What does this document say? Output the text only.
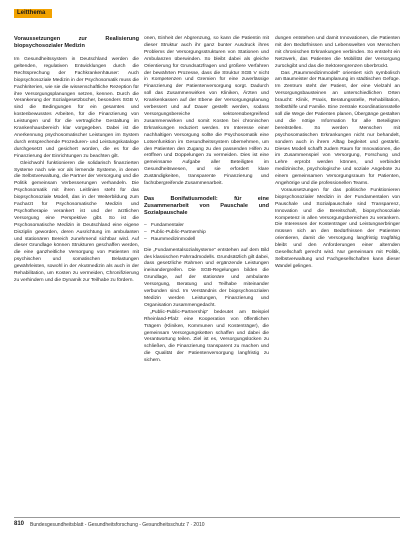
Leitthema
Voraussetzungen zur Realisierung biopsychosozialer Medizin

Im Gesundheitssystem in Deutschland werden die geltenden, regulativen Entwicklungen durch die Rechtsprechung der Fachkrankenhäuser: Auch biopsychosoziale Medizin in der Psychosomatik muss die Fachkriterien, wie sie die wissenschaftliche Rezeption für ihre Versorgungsplanungen setzen, kennen. Durch die Verankerung der Sozialgesetzbücher, besonders SGB V, sind die Bedingungen für ein gesamtes und kostenbewusstes Arbeiten, für die Finanzierung von Leistungen und für die vertragliche Gestaltung im Krankenhausbereich klar vorgegeben. Dabei ist die Anerkennung psychosomatischer Leistungen im System durch entsprechende Prozeduren- und Leistungskataloge durchgesetzt und gesichert worden, die es für die Finanzierung der Einrichtungen zu beachten gilt.

Gleichwohl funktionieren die solidarisch finanzierten Systeme nach wie vor als lernende Systeme, in denen die Selbstverwaltung, die Partner der Versorgung und die Politik gemeinsam Verbesserungen verhandeln. Die Psychosomatik mit ihren Leitlinien steht für das biopsychosoziale Modell, das in der Weiterbildung zum Facharzt für Psychosomatische Medizin und Psychotherapie verankert ist und der ärztlichen Versorgung eine Perspektive gibt. So ist die Psychosomatische Medizin in Deutschland eine eigene Disziplin geworden, deren Ausrichtung im ambulanten und stationären Bereich zunehmend sichtbar wird. Auf dieser Grundlage können Strukturen geschaffen werden, die eine ganzheitliche Versorgung von Patienten mit psychischen und somatischen Belastungen gewährleisten, sowohl in der Akutmedizin als auch in der Rehabilitation, um Kosten zu vermeiden, Chronifizierung zu verhindern und die Dynamik zur Teilhabe zu fördern.

onen, Einheit der Abgrenzung, so kann die Patientin mit dieser Struktur auch ihr ganz bunter Ausdruck ihres Problems der Versorgungsstrukturen von Stationen und Ambulanzen überwinden. So bleibt dabei als gleiche Orientierung für Grundsatzfragen und größere Verfahren der bewährten Prozesse, dass die Struktur SGB V nicht in Kompetenzen und Gremien für eine zuverlässige Finanzierung der Patientenversorgung sorgt. Dadurch soll das Zusammenwirken von Kliniken, Ärzten und Krankenkassen auf der Ebene der Versorgungsplanung verbessert und auf Dauer gestellt werden, sodass Versorgungsbereiche sektorenübergreifend zusammenwirken und somit Kosten bei chronischen Erkrankungen reduziert werden. Im Interesse einer nachhaltigen Versorgung sollte die Psychosomatik eine Lotsenfunktion im Gesundheitssystem übernehmen, um den Patienten den Zugang zu den passenden Hilfen zu eröffnen und Doppelungen zu vermeiden. Dies ist eine gemeinsame Aufgabe aller Beteiligten im Gesundheitswesen, und sie erfordert klare Zuständigkeiten, transparente Finanzierung und fachübergreifende Zusammenarbeit.

Das Bonifatiusmodell: für eine Zusammenarbeit von Pauschale und Sozialpauschale
– Fundamentaler
– Public-Public-Partnership
– Raummedizinmodell

Die „Fundamentalsozialsysteme“ entstehen auf dem Bild des klassischen Fahrradmodells. Grundsätzlich gilt dabei, dass gesetzliche Rahmen und ergänzende Leistungen ineinandergreifen. Die SGB-Regelungen bilden die Grundlage, auf der stationäre und ambulante Versorgung, Beratung und Teilhabe miteinander verbunden sind. Im Verständnis der biopsychosozialen Medizin werden Leistungen, Finanzierung und Organisation zusammengedacht.

„Public-Public-Partnership“ bedeutet am Beispiel Rheinland-Pfalz eine Kooperation von öffentlichen Trägern (Kliniken, Kommunen und Kostenträger), die gemeinsam Versorgungsketten schaffen und dabei die Verantwortung teilen. Ziel ist es, Versorgungslücken zu schließen, die Finanzierung transparent zu machen und die Qualität der Patientenversorgung langfristig zu sichern.

dungen entstehen und damit Innovationen, die Patienten mit den Bedürfnissen und Lebenswelten von Menschen mit chronischen Erkrankungen verbinden. So entsteht ein Netzwerk, das Patienten die Mobilität der Versorgung zurückgibt und das die Sektorengrenzen überbrückt.

Das „Raummedizinmodell“ orientiert sich symbolisch am Baumeister der Raumplanung im städtischen Gefüge. Im Zentrum steht der Patient, der eine Vielzahl an Versorgungsbausteinen an unterschiedlichen Orten braucht: Klinik, Praxis, Beratungsstelle, Rehabilitation, Selbsthilfe und Familie. Eine zentrale Koordinationsstelle soll die Wege der Patienten planen, Übergänge gestalten und die nötige Information für alle Beteiligten bereitstellen. So werden Menschen mit psychosomatischen Erkrankungen nicht nur behandelt, sondern auch in ihrem Alltag begleitet und gestärkt. Dieses Modell schafft zudem Raum für Innovationen, die im Zusammenspiel von Versorgung, Forschung und Lehre erprobt werden können, und verbindet medizinische, psychologische und soziale Angebote zu einem gemeinsamen Versorgungsraum für Patienten, Angehörige und die professionellen Teams.

Voraussetzungen für das politische Funktionieren biopsychosozialer Medizin in der Fundamentalen von Pauschale und Sozialpauschale sind Transparenz, Innovation und die Bereitschaft, biopsychosoziale Kompetenz in allen Versorgungsbereichen zu verankern. Die Interessen der Kostenträger und Leistungserbringer müssen sich an den Bedürfnissen der Patienten orientieren, damit die Versorgung langfristig tragfähig bleibt und den Anforderungen einer alternden Gesellschaft gerecht wird. Nur gemeinsam mit Politik, Selbstverwaltung und Fachgesellschaften kann dieser Wandel gelingen.

810 Bundesgesundheitsblatt - Gesundheitsforschung - Gesundheitsschutz 7 · 2010
